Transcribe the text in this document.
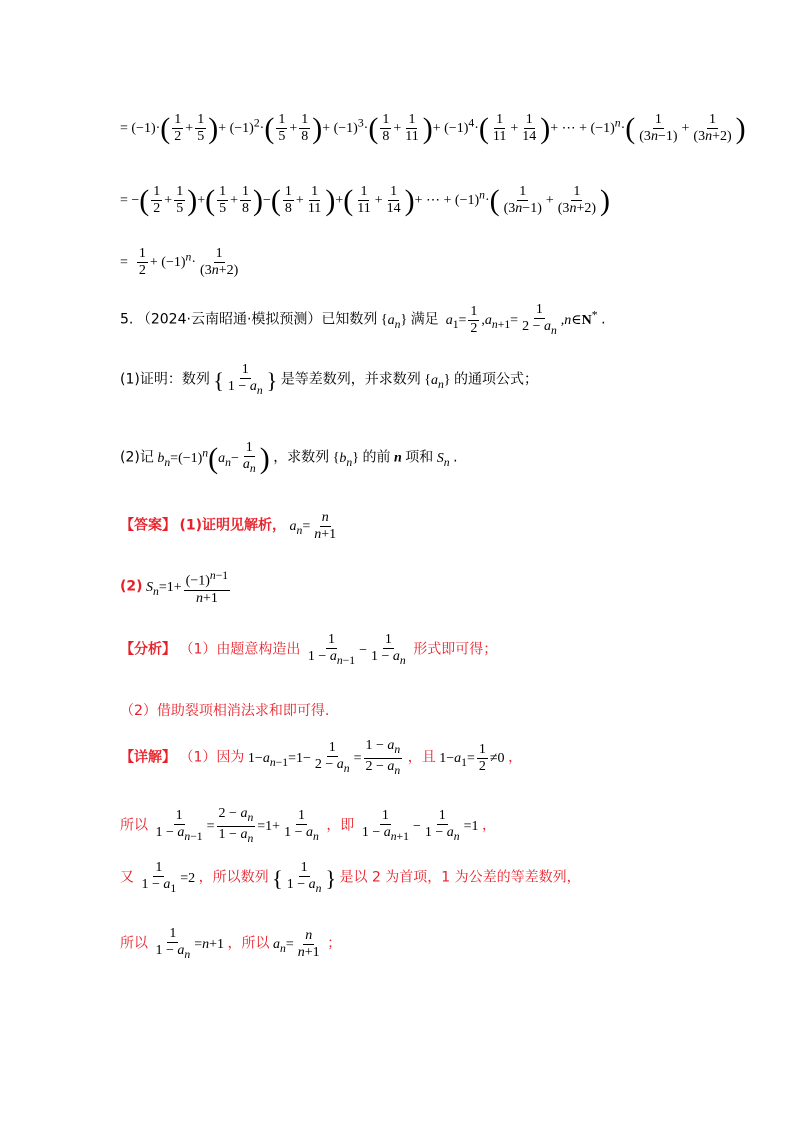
= $(-1)\cdot( \frac{1}{2} + \frac{1}{5}$ )+ $(-1)^2\cdot( \frac{1}{5} + \frac{1}{8}$ )+ $(-1)^3\cdot( \frac{1}{8} + \frac{1}{11}$ )+ $(-1)^4\cdot( \frac{1}{11} + \frac{1}{14}$ )+ ⋯ + $(-1)^n\cdot( \frac{1}{(3n-1)} + \frac{1}{(3n+2)}$ )
= −( $\frac{1}{2} + \frac{1}{5}$ )+( $\frac{1}{5} + \frac{1}{8}$ )−( $\frac{1}{8} + \frac{1}{11}$ )+( $\frac{1}{11} + \frac{1}{14}$ )+ ⋯ + $(-1)^n\cdot( \frac{1}{(3n-1)} + \frac{1}{(3n+2)}$ )
= $\frac{1}{2} + (-1)^n\cdot \frac{1}{(3n+2)}$
5. （2024·云南昭通·模拟预测）已知数列 $\{a_n\}$ 满足 $a_1= \frac{1}{2} ,a_{n+1}= \frac{1}{2 - a_n}$ ,n∈N* .
(1)证明：数列 { $\frac{1}{1 - a_n}$ } 是等差数列，并求数列 $\{a_n\}$ 的通项公式；
(2)记 $b_n=(-1)^n(a_n- \frac{1}{a_n}$ ) ，求数列 $\{b_n\}$ 的前 n 项和 $S_n$ .
【答案】 (1)证明见解析， $a_n= \frac{n}{n+1}$
(2) $S_n=1+ \frac{(-1)^{n-1}}{n+1}$
【分析】 （1）由题意构造出 $\frac{1}{1 - a_{n-1}} - \frac{1}{1 - a_n}$ 形式即可得；
（2）借助裂项相消法求和即可得.
【详解】 （1）因为 $1-a_{n-1}=1- \frac{1}{2 - a_n} = \frac{1 - a_n}{2 - a_n}$ ，且 $1-a_1= \frac{1}{2} \ne 0$ ，
所以 $\frac{1}{1 - a_{n-1}} = \frac{2 - a_n}{1 - a_n} =1+ \frac{1}{1 - a_n}$ ，即 $\frac{1}{1 - a_{n+1}} - \frac{1}{1 - a_n} =1$ ，
又 $\frac{1}{1 - a_1} =2$ ，所以数列 { $\frac{1}{1 - a_n}$ } 是以 2 为首项，1 为公差的等差数列，
所以 $\frac{1}{1 - a_n} =n+1$ ，所以 $a_n= \frac{n}{n+1}$ ；
